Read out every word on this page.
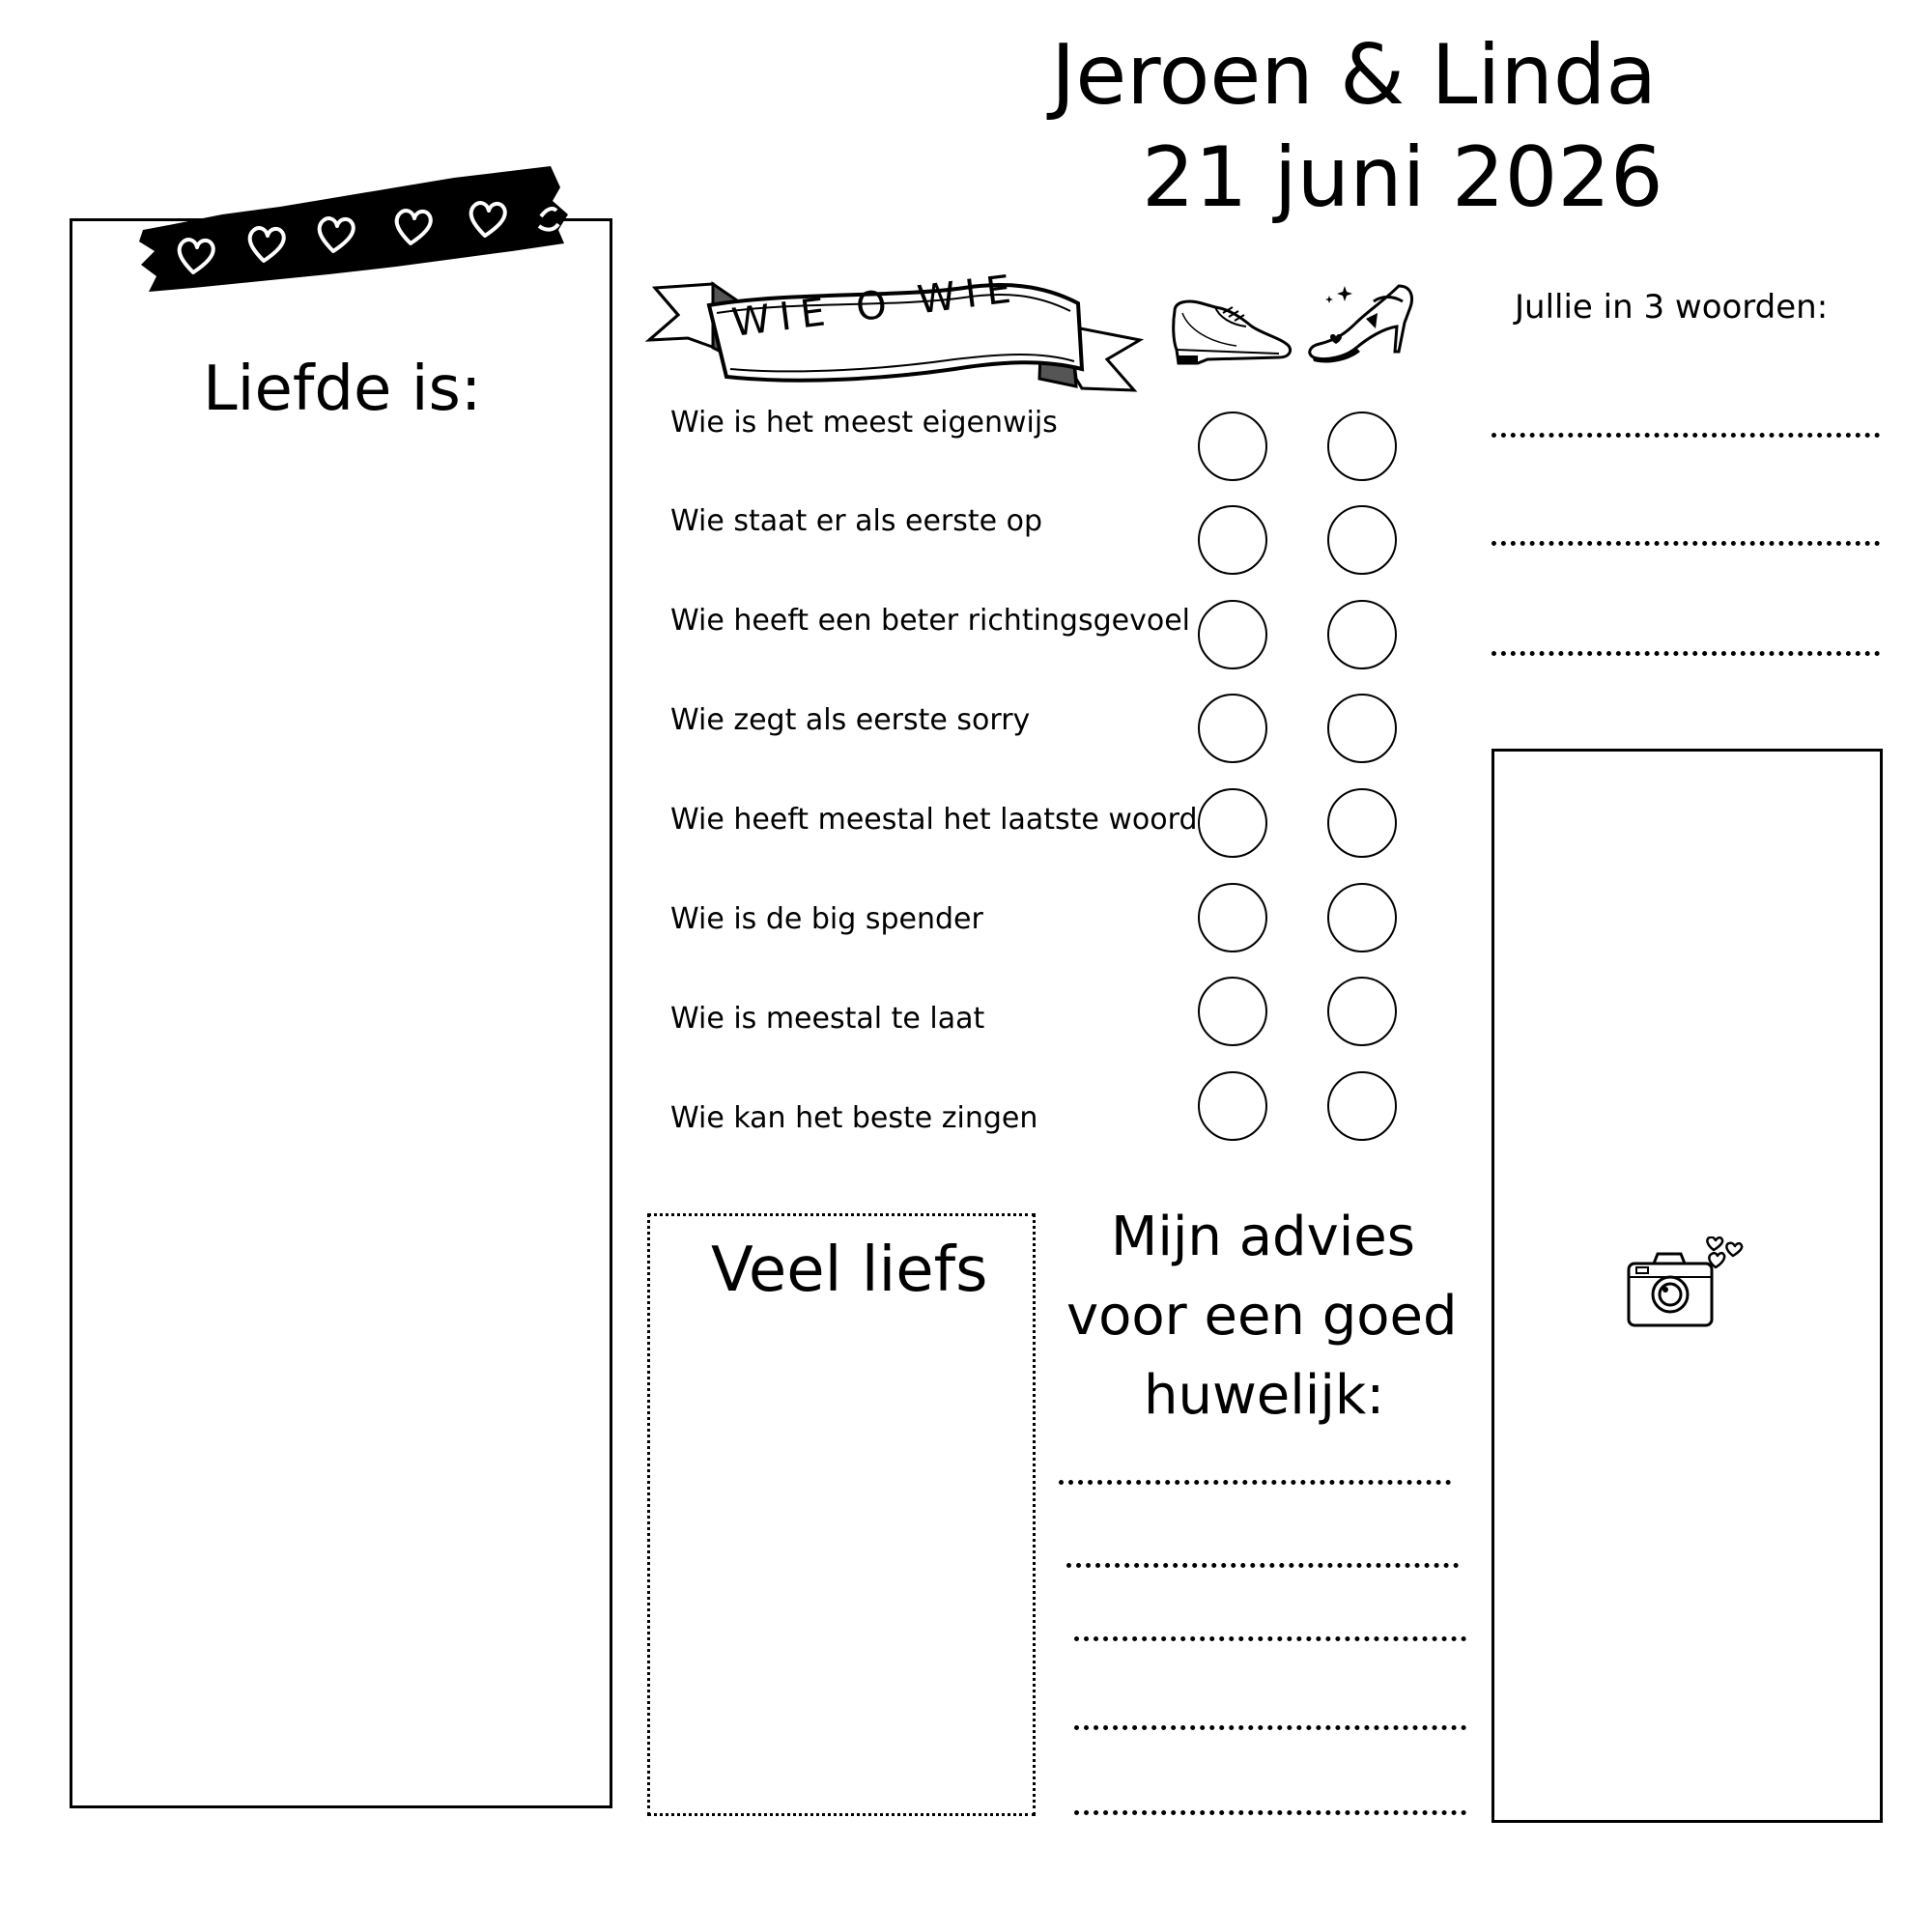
Jeroen & Linda
21 juni 2026
Liefde is:
WIE O WIE
Wie is het meest eigenwijs
Wie staat er als eerste op
Wie heeft een beter richtingsgevoel
Wie zegt als eerste sorry
Wie heeft meestal het laatste woord
Wie is de big spender
Wie is meestal te laat
Wie kan het beste zingen
Jullie in 3 woorden:
Veel liefs Mijn advies
voor een goed
huwelijk:
